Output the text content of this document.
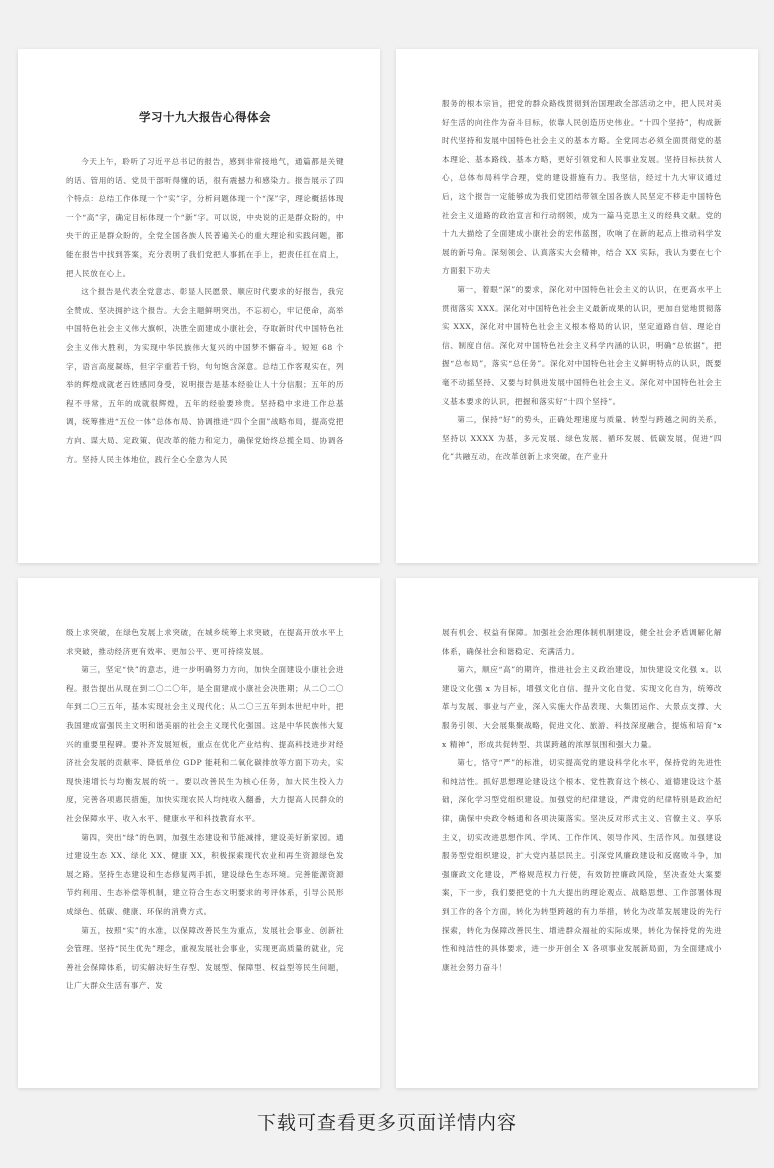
学习十九大报告心得体会

今天上午，聆听了习近平总书记的报告，感到非常接地气，通篇都是关键的话、管用的话、党员干部听得懂的话，很有震撼力和感染力。报告展示了四个特点：总结工作体现一个“实”字，分析问题体现一个“深”字，理论概括体现一个“高”字，确定目标体现一个“新”字。可以说，中央说的正是群众盼的，中央干的正是群众盼的，全党全国各族人民普遍关心的重大理论和实践问题，都能在报告中找到答案，充分表明了我们党把人事抓在手上，把责任扛在肩上，把人民放在心上。

这个报告是代表全党意志、彰显人民愿景、顺应时代要求的好报告，我完全赞成、坚决拥护这个报告。大会主题鲜明突出，不忘初心，牢记使命，高举中国特色社会主义伟大旗帜，决胜全面建成小康社会，夺取新时代中国特色社会主义伟大胜利，为实现中华民族伟大复兴的中国梦不懈奋斗。短短 68 个字，语言高度凝练，但字字重若千钧，句句饱含深意。总结工作客观实在，列举的辉煌成就老百姓感同身受，说明报告是基本经验让人十分信服；五年的历程不寻常，五年的成就很辉煌，五年的经验要珍贵。坚持稳中求进工作总基调，统筹推进“五位一体”总体布局、协调推进“四个全面”战略布局，提高党把方向、谋大局、定政策、促改革的能力和定力，确保党始终总揽全局、协调各方。坚持人民主体地位，践行全心全意为人民

服务的根本宗旨，把党的群众路线贯彻到治国理政全部活动之中，把人民对美好生活的向往作为奋斗目标，依靠人民创造历史伟业。“十四个坚持”，构成新时代坚持和发展中国特色社会主义的基本方略。全党同志必须全面贯彻党的基本理论、基本路线、基本方略，更好引领党和人民事业发展。坚持目标扶贫人心，总体布局科学合理，党的建设措施有力。我坚信，经过十九大审议通过后，这个报告一定能够成为我们党团结带领全国各族人民坚定不移走中国特色社会主义道路的政治宣言和行动纲领，成为一篇马克思主义的经典文献。党的十九大描绘了全面建成小康社会的宏伟蓝图，吹响了在新的起点上推动科学发展的新号角。深刻领会、认真落实大会精神，结合 XX 实际，我认为要在七个方面狠下功夫

第一，着眼“深”的要求，深化对中国特色社会主义的认识，在更高水平上贯彻落实 XXX。深化对中国特色社会主义最新成果的认识，更加自觉地贯彻落实 XXX，深化对中国特色社会主义根本格局的认识，坚定道路自信、理论自信、制度自信。深化对中国特色社会主义科学内涵的认识，明确“总依据”，把握“总布局”，落实“总任务”。深化对中国特色社会主义鲜明特点的认识，既要毫不动摇坚持、又要与时俱进发展中国特色社会主义。深化对中国特色社会主义基本要求的认识，把握和落实好“十四个坚持”。

第二，保持“好”的势头，正确处理速度与质量、转型与跨越之间的关系，坚持以 XXXX 为基，多元发展、绿色发展、循环发展、低碳发展，促进“四化”共融互动，在改革创新上求突破，在产业升

级上求突破，在绿色发展上求突破，在城乡统筹上求突破，在提高开放水平上求突破，推动经济更有效率、更加公平、更可持续发展。

第三，坚定“快”的意志，进一步明确努力方向，加快全面建设小康社会进程。报告提出从现在到二〇二〇年，是全面建成小康社会决胜期；从二〇二〇年到二〇三五年，基本实现社会主义现代化；从二〇三五年到本世纪中叶，把我国建成富强民主文明和谐美丽的社会主义现代化强国。这是中华民族伟大复兴的重要里程碑。要补齐发展短板，重点在优化产业结构、提高科技进步对经济社会发展的贡献率、降低单位 GDP 能耗和二氧化碳排放等方面下功夫，实现快速增长与均衡发展的统一。要以改善民生为核心任务，加大民生投入力度，完善各项惠民措施，加快实现农民人均纯收入翻番，大力提高人民群众的社会保障水平、收入水平、健康水平和科技教育水平。

第四，突出“绿”的色调，加强生态建设和节能减排，建设美好新家园。通过建设生态 XX、绿化 XX、健康 XX，积极探索现代农业和再生资源绿色发展之路。坚持生态建设和生态修复两手抓，建设绿色生态环境。完善能源资源节约利用、生态补偿等机制，建立符合生态文明要求的考评体系，引导公民形成绿色、低碳、健康、环保的消费方式。

第五，按照“实”的水准，以保障改善民生为重点，发展社会事业、创新社会管理。坚持“民生优先”理念，重视发展社会事业，实现更高质量的就业，完善社会保障体系，切实解决好生存型、发展型、保障型、权益型等民生问题，让广大群众生活有事产、发

展有机会、权益有保障。加强社会治理体制机制建设，健全社会矛盾调解化解体系，确保社会和谐稳定、充满活力。

第六，顺应“高”的期许，推进社会主义政治建设，加快建设文化强 x。以建设文化强 x 为目标，增强文化自信、提升文化自觉、实现文化自为，统筹改革与发展、事业与产业，深入实施大作品表现、大集团运作、大景点支撑、大服务引领、大会展集聚战略，促进文化、旅游、科技深度融合，提炼和培育“xx 精神”，形成共促转型、共谋跨越的浓厚氛围和强大力量。

第七，恪守“严”的标准，切实提高党的建设科学化水平，保持党的先进性和纯洁性。抓好思想理论建设这个根本、党性教育这个核心、道德建设这个基础，深化学习型党组织建设。加强党的纪律建设，严肃党的纪律特别是政治纪律，确保中央政令畅通和各项决策落实。坚决反对形式主义、官僚主义、享乐主义，切实改进思想作风、学风、工作作风、领导作风、生活作风。加强建设服务型党组织建设，扩大党内基层民主。引深党风廉政建设和反腐败斗争，加强廉政文化建设，严格规范权力行使，有效防控廉政风险，坚决查处大案要案，下一步，我们要把党的十九大提出的理论观点、战略思想、工作部署体现到工作的各个方面，转化为转型跨越的有力举措，转化为改革发展建设的先行探索，转化为保障改善民生、增进群众福祉的实际成果，转化为保持党的先进性和纯洁性的具体要求，进一步开创全 X 各项事业发展新局面，为全面建成小康社会努力奋斗！

下载可查看更多页面详情内容
